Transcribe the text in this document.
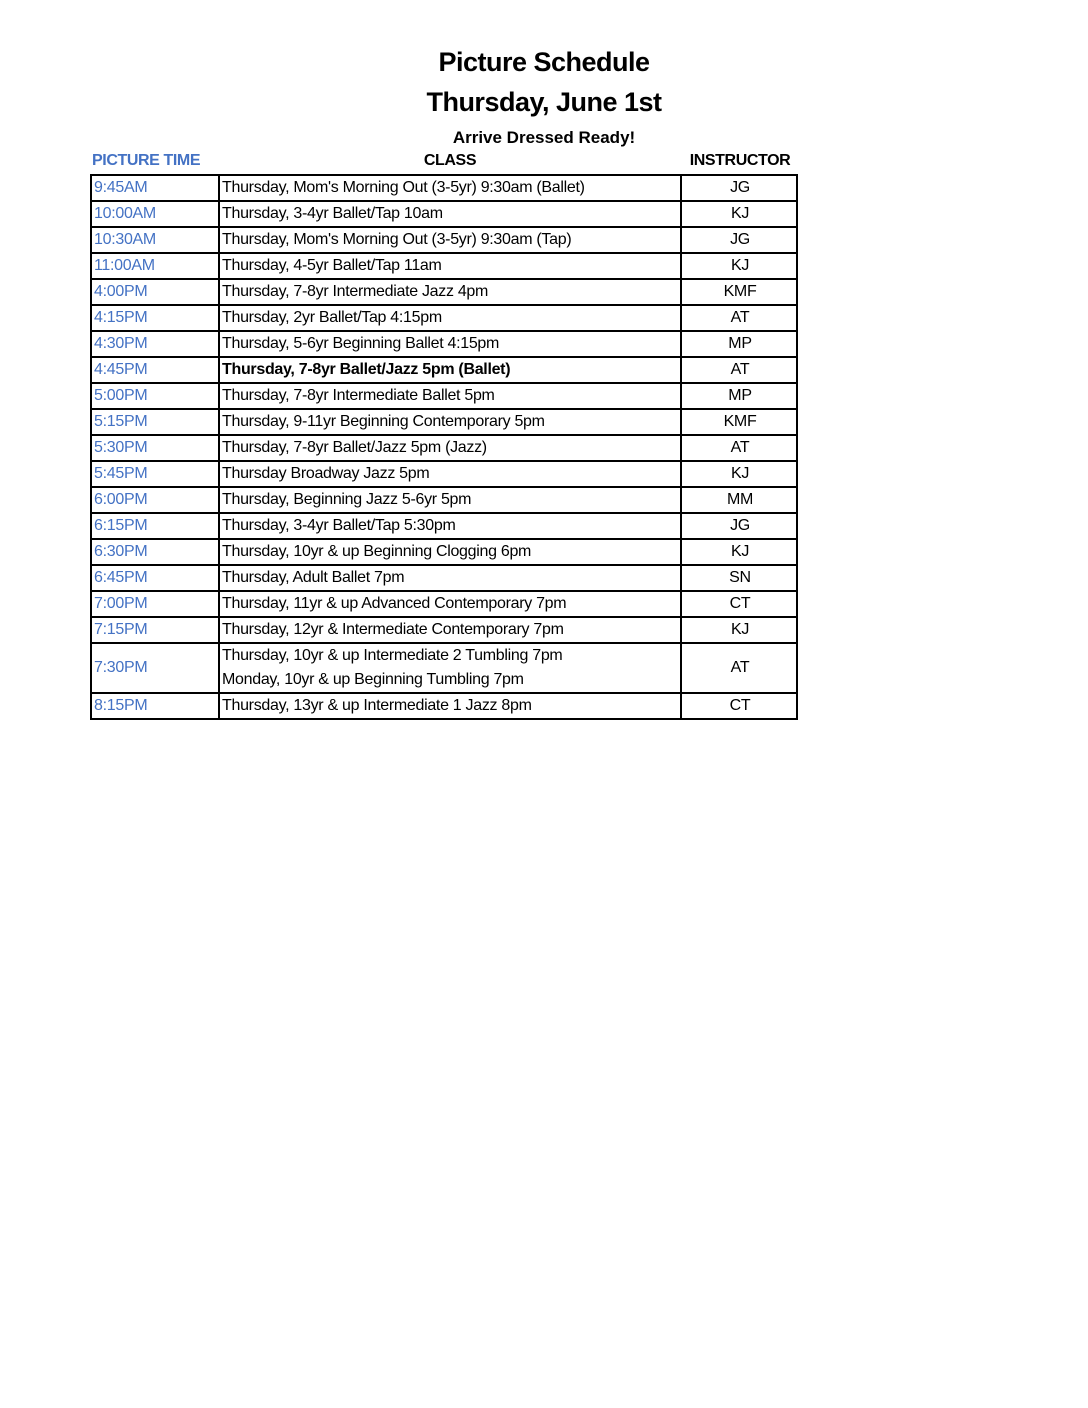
Picture Schedule
Thursday, June 1st
Arrive Dressed Ready!
PICTURE TIME	CLASS	INSTRUCTOR
9:45AM	Thursday, Mom's Morning Out (3-5yr) 9:30am (Ballet)	JG
10:00AM	Thursday, 3-4yr Ballet/Tap 10am	KJ
10:30AM	Thursday, Mom's Morning Out (3-5yr) 9:30am (Tap)	JG
11:00AM	Thursday, 4-5yr Ballet/Tap 11am	KJ
4:00PM	Thursday, 7-8yr Intermediate Jazz 4pm	KMF
4:15PM	Thursday, 2yr Ballet/Tap 4:15pm	AT
4:30PM	Thursday, 5-6yr Beginning Ballet 4:15pm	MP
4:45PM	Thursday, 7-8yr Ballet/Jazz 5pm (Ballet)	AT
5:00PM	Thursday, 7-8yr Intermediate Ballet 5pm	MP
5:15PM	Thursday, 9-11yr Beginning Contemporary 5pm	KMF
5:30PM	Thursday, 7-8yr Ballet/Jazz 5pm (Jazz)	AT
5:45PM	Thursday Broadway Jazz 5pm	KJ
6:00PM	Thursday, Beginning Jazz 5-6yr 5pm	MM
6:15PM	Thursday, 3-4yr Ballet/Tap 5:30pm	JG
6:30PM	Thursday, 10yr & up Beginning Clogging 6pm	KJ
6:45PM	Thursday, Adult Ballet 7pm	SN
7:00PM	Thursday, 11yr & up Advanced Contemporary 7pm	CT
7:15PM	Thursday, 12yr & Intermediate Contemporary 7pm	KJ
7:30PM	Thursday, 10yr & up Intermediate 2 Tumbling 7pm
Monday, 10yr & up Beginning Tumbling 7pm	AT
8:15PM	Thursday, 13yr & up Intermediate 1 Jazz 8pm	CT
